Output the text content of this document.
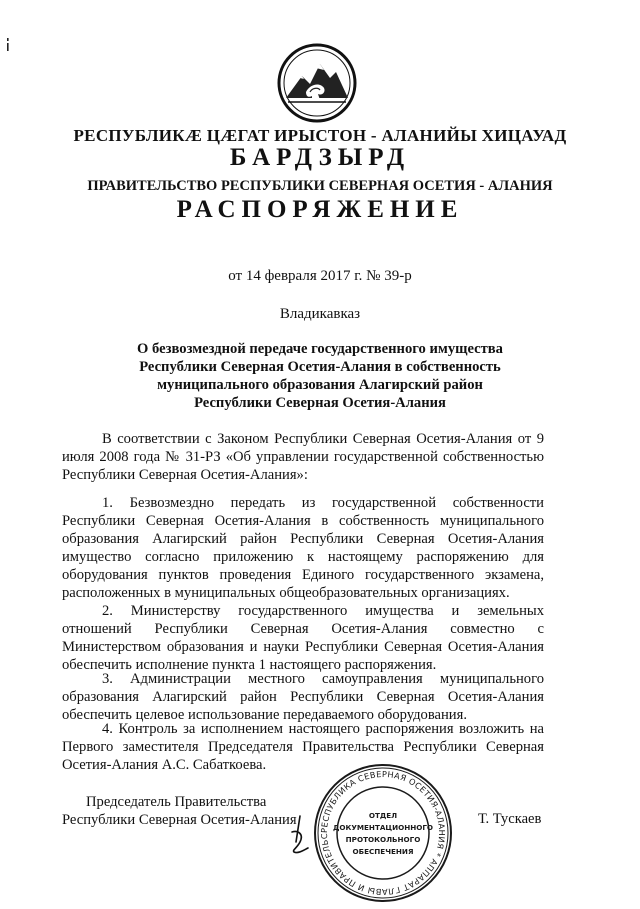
РЕСПУБЛИКÆ ЦÆГАТ ИРЫСТОН - АЛАНИЙЫ ХИЦАУАД
БАРДЗЫРД
ПРАВИТЕЛЬСТВО РЕСПУБЛИКИ СЕВЕРНАЯ ОСЕТИЯ - АЛАНИЯ
РАСПОРЯЖЕНИЕ
от 14 февраля 2017 г. № 39-р
Владикавказ
О безвозмездной передаче государственного имущества
Республики Северная Осетия-Алания в собственность
муниципального образования Алагирский район
Республики Северная Осетия-Алания
В соответствии с Законом Республики Северная Осетия-Алания от 9 июля 2008 года № 31-РЗ «Об управлении государственной собственностью Республики Северная Осетия-Алания»:
1. Безвозмездно передать из государственной собственности Республики Северная Осетия-Алания в собственность муниципального образования Алагирский район Республики Северная Осетия-Алания имущество согласно приложению к настоящему распоряжению для оборудования пунктов проведения Единого государственного экзамена, расположенных в муниципальных общеобразовательных организациях.
2. Министерству государственного имущества и земельных отношений Республики Северная Осетия-Алания совместно с Министерством образования и науки Республики Северная Осетия-Алания обеспечить исполнение пункта 1 настоящего распоряжения.
3. Администрации местного самоуправления муниципального образования Алагирский район Республики Северная Осетия-Алания обеспечить целевое использование передаваемого оборудования.
4. Контроль за исполнением настоящего распоряжения возложить на Первого заместителя Председателя Правительства Республики Северная Осетия-Алания А.С. Сабаткоева.
РЕСПУБЛИКА СЕВЕРНАЯ ОСЕТИЯ-АЛАНИЯ * АППАРАТ ГЛАВЫ И ПРАВИТЕЛЬС
ОТДЕЛ
ДОКУМЕНТАЦИОННОГО
ПРОТОКОЛЬНОГО
ОБЕСПЕЧЕНИЯ
Председатель Правительства
Республики Северная Осетия-Алания	Т. Тускаев
